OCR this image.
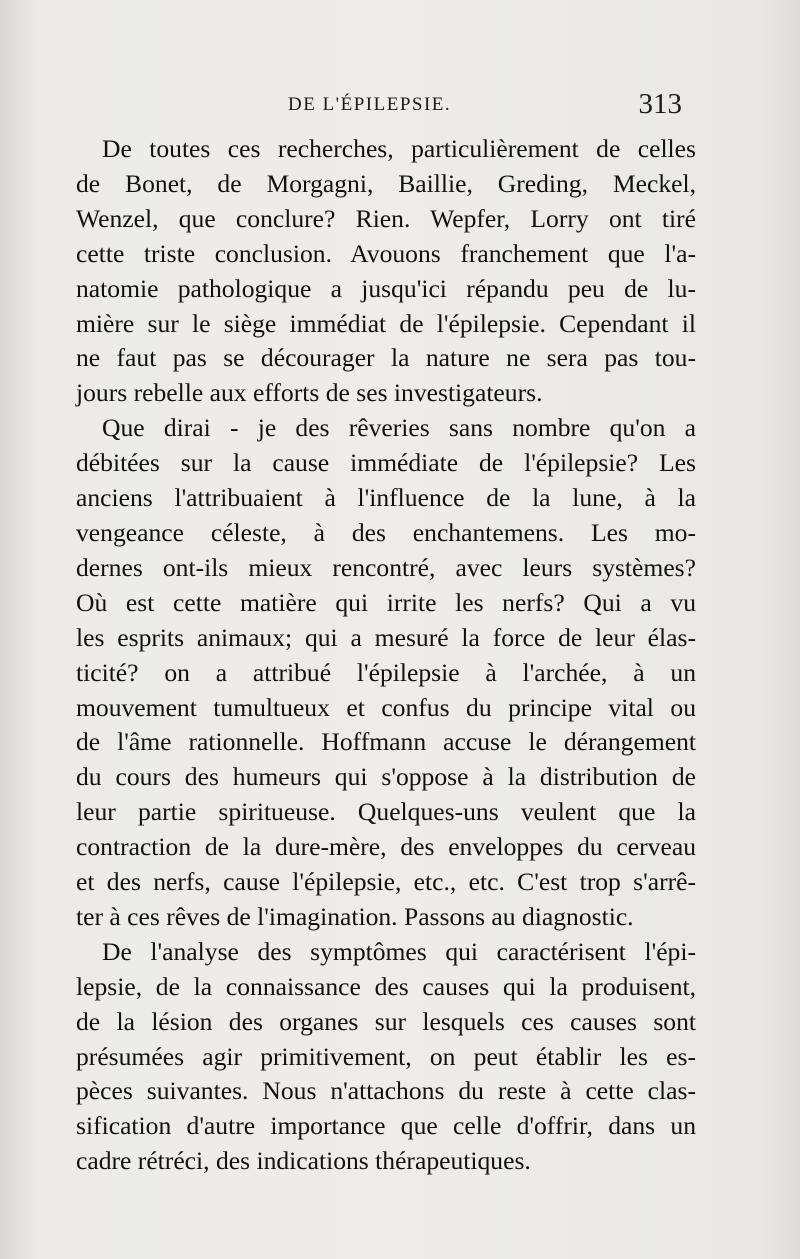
DE L'ÉPILEPSIE.	313
De toutes ces recherches, particulièrement de celles
de Bonet, de Morgagni, Baillie, Greding, Meckel,
Wenzel, que conclure? Rien. Wepfer, Lorry ont tiré
cette triste conclusion. Avouons franchement que l'a-
natomie pathologique a jusqu'ici répandu peu de lu-
mière sur le siège immédiat de l'épilepsie. Cependant il
ne faut pas se décourager la nature ne sera pas tou-
jours rebelle aux efforts de ses investigateurs.
Que dirai - je des rêveries sans nombre qu'on a
débitées sur la cause immédiate de l'épilepsie? Les
anciens l'attribuaient à l'influence de la lune, à la
vengeance céleste, à des enchantemens. Les mo-
dernes ont-ils mieux rencontré, avec leurs systèmes?
Où est cette matière qui irrite les nerfs? Qui a vu
les esprits animaux; qui a mesuré la force de leur élas-
ticité? on a attribué l'épilepsie à l'archée, à un
mouvement tumultueux et confus du principe vital ou
de l'âme rationnelle. Hoffmann accuse le dérangement
du cours des humeurs qui s'oppose à la distribution de
leur partie spiritueuse. Quelques-uns veulent que la
contraction de la dure-mère, des enveloppes du cerveau
et des nerfs, cause l'épilepsie, etc., etc. C'est trop s'arrê-
ter à ces rêves de l'imagination. Passons au diagnostic.
De l'analyse des symptômes qui caractérisent l'épi-
lepsie, de la connaissance des causes qui la produisent,
de la lésion des organes sur lesquels ces causes sont
présumées agir primitivement, on peut établir les es-
pèces suivantes. Nous n'attachons du reste à cette clas-
sification d'autre importance que celle d'offrir, dans un
cadre rétréci, des indications thérapeutiques.
